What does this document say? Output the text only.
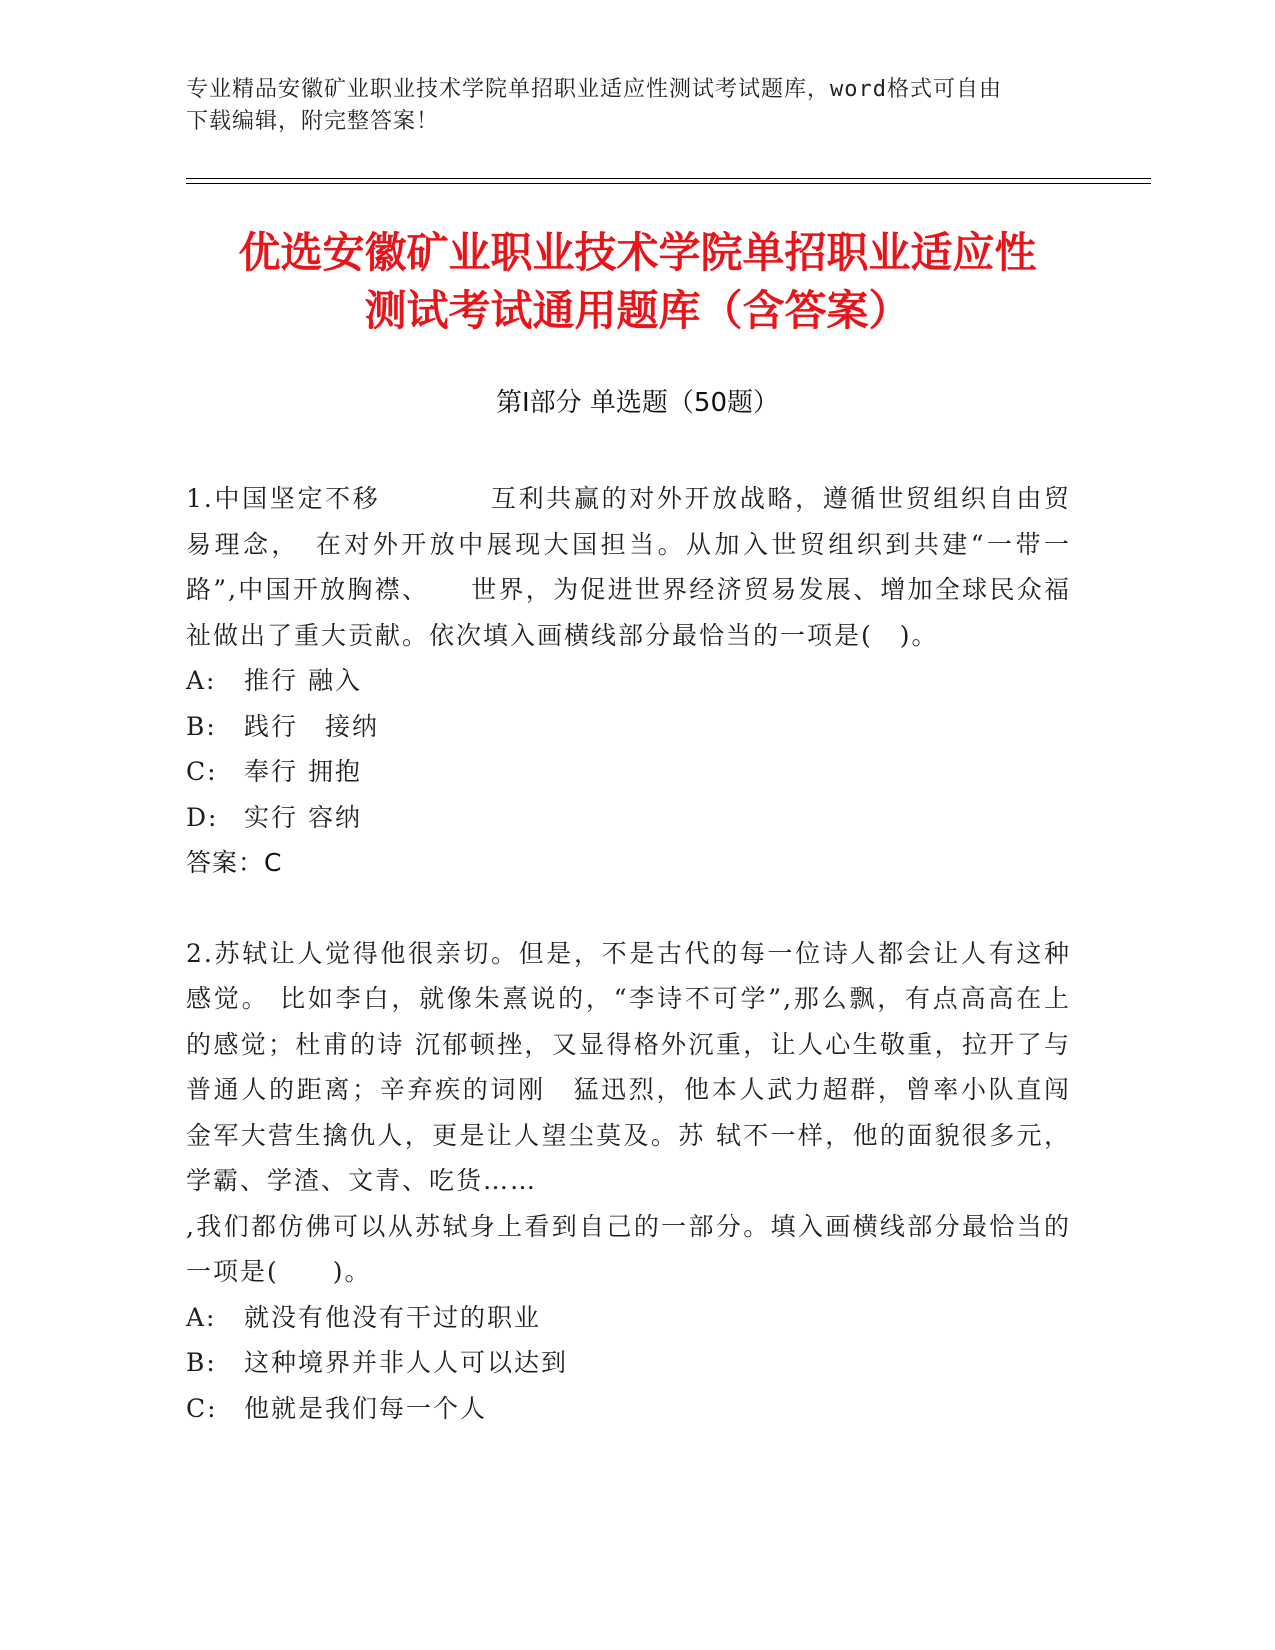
专业精品安徽矿业职业技术学院单招职业适应性测试考试题库，word格式可自由
下载编辑，附完整答案！
优选安徽矿业职业技术学院单招职业适应性
测试考试通用题库（含答案）
第Ⅰ部分 单选题（50题）
1.中国坚定不移　　　　互利共赢的对外开放战略，遵循世贸组织自由贸易理念，　在对外开放中展现大国担当。从加入世贸组织到共建“一带一路”,中国开放胸襟、　　世界，为促进世界经济贸易发展、增加全球民众福祉做出了重大贡献。依次填入画横线部分最恰当的一项是(　)。
A: 推行 融入
B: 践行　接纳
C: 奉行 拥抱
D: 实行 容纳
答案：C
2.苏轼让人觉得他很亲切。但是，不是古代的每一位诗人都会让人有这种感觉。 比如李白，就像朱熹说的，“李诗不可学”,那么飘，有点高高在上的感觉；杜甫的诗 沉郁顿挫，又显得格外沉重，让人心生敬重，拉开了与普通人的距离；辛弃疾的词刚　猛迅烈，他本人武力超群，曾率小队直闯金军大营生擒仇人，更是让人望尘莫及。苏 轼不一样，他的面貌很多元，学霸、学渣、文青、吃货……
,我们都仿佛可以从苏轼身上看到自己的一部分。填入画横线部分最恰当的一项是(　　)。
A: 就没有他没有干过的职业
B: 这种境界并非人人可以达到
C: 他就是我们每一个人
